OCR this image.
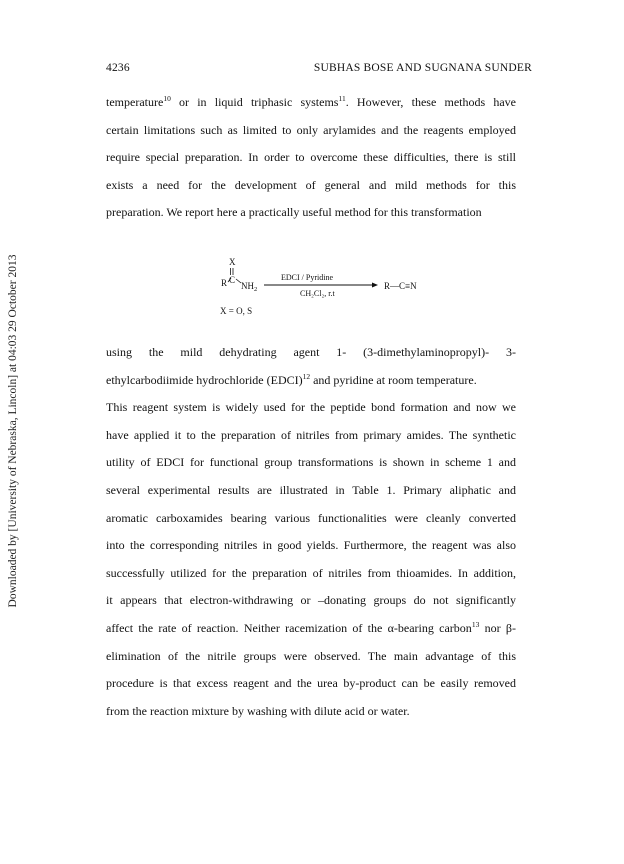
Downloaded by [University of Nebraska, Lincoln] at 04:03 29 October 2013
4236	SUBHAS BOSE AND SUGNANA SUNDER
temperature$^{10}$ or in liquid triphasic systems$^{11}$. However, these methods have
certain limitations such as limited to only arylamides and the reagents employed
require special preparation. In order to overcome these difficulties, there is still
exists a need for the development of general and mild methods for this
preparation. We report here a practically useful method for this transformation
X
R C
$NH_2$
EDCI / Pyridine
CH₂Cl₂, r.t
R—C≡N
X = O, S
using the mild dehydrating agent 1- (3-dimethylaminopropyl)- 3-
ethylcarbodiimide hydrochloride (EDCI)$^{12}$ and pyridine at room temperature.
This reagent system is widely used for the peptide bond formation and now we
have applied it to the preparation of nitriles from primary amides. The synthetic
utility of EDCI for functional group transformations is shown in scheme 1 and
several experimental results are illustrated in Table 1. Primary aliphatic and
aromatic carboxamides bearing various functionalities were cleanly converted
into the corresponding nitriles in good yields. Furthermore, the reagent was also
successfully utilized for the preparation of nitriles from thioamides. In addition,
it appears that electron-withdrawing or –donating groups do not significantly
affect the rate of reaction. Neither racemization of the α-bearing carbon$^{13}$ nor β-
elimination of the nitrile groups were observed. The main advantage of this
procedure is that excess reagent and the urea by-product can be easily removed
from the reaction mixture by washing with dilute acid or water.
